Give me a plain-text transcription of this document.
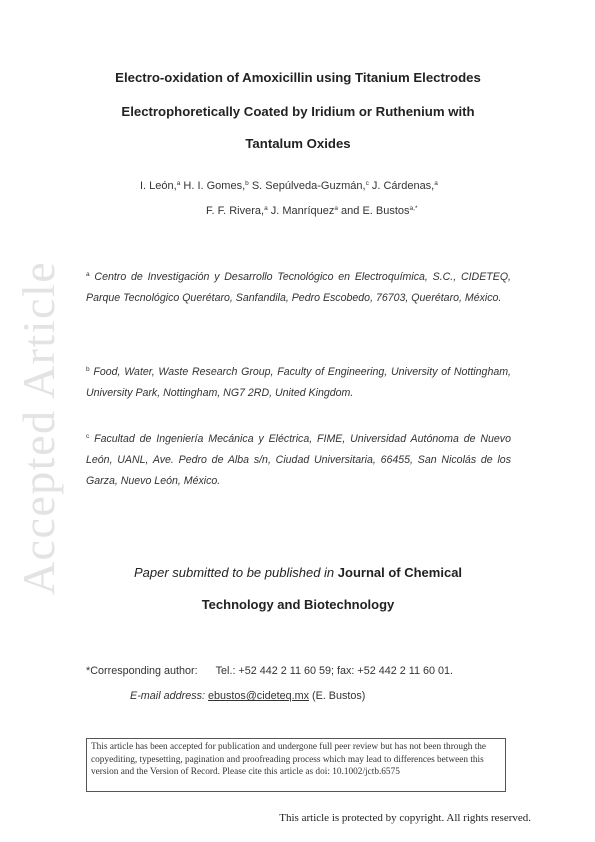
Accepted Article
Electro-oxidation of Amoxicillin using Titanium Electrodes
Electrophoretically Coated by Iridium or Ruthenium with
Tantalum Oxides
I. León,$^a$ H. I. Gomes,$^b$ S. Sepúlveda-Guzmán,$^c$ J. Cárdenas,$^a$
F. F. Rivera,$^a$ J. Manríquez$^a$ and E. Bustos$^{a,*}$
$^a$ Centro de Investigación y Desarrollo Tecnológico en Electroquímica, S.C., CIDETEQ, Parque Tecnológico Querétaro, Sanfandila, Pedro Escobedo, 76703, Querétaro, México.
$^b$ Food, Water, Waste Research Group, Faculty of Engineering, University of Nottingham, University Park, Nottingham, NG7 2RD, United Kingdom.
$^c$ Facultad de Ingeniería Mecánica y Eléctrica, FIME, Universidad Autónoma de Nuevo León, UANL, Ave. Pedro de Alba s/n, Ciudad Universitaria, 66455, San Nicolás de los Garza, Nuevo León, México.
Paper submitted to be published in Journal of Chemical
Technology and Biotechnology
*Corresponding author: Tel.: +52 442 2 11 60 59; fax: +52 442 2 11 60 01.
E-mail address: ebustos@cideteq.mx (E. Bustos)
This article has been accepted for publication and undergone full peer review but has not been through the copyediting, typesetting, pagination and proofreading process which may lead to differences between this version and the Version of Record. Please cite this article as doi: 10.1002/jctb.6575
This article is protected by copyright. All rights reserved.
